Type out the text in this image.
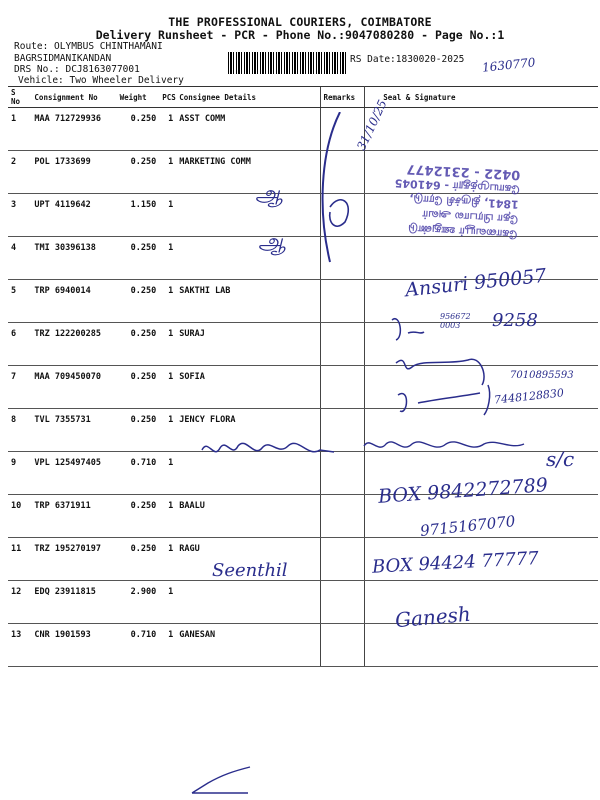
THE PROFESSIONAL COURIERS, COIMBATORE
Delivery Runsheet - PCR - Phone No.:9047080280 - Page No.:1
Route: OLYMBUS CHINTHAMANI
BAGRSIDMANIKANDAN
DRS No.: DCJ8163077001
Vehicle: Two Wheeler Delivery
RS Date:1830020-2025 1630770
S No	Consignment No	Weight	PCS	Consignee Details	Remarks	Seal & Signature
1	MAA 712729936	0.250	1	ASST COMM		
2	POL 1733699	0.250	1	MARKETING COMM		
3	UPT 4119642	1.150	1			
4	TMI 30396138	0.250	1			
5	TRP 6940014	0.250	1	SAKTHI LAB		
6	TRZ 122200285	0.250	1	SURAJ		
7	MAA 709450070	0.250	1	SOFIA		
8	TVL 7355731	0.250	1	JENCY FLORA		
9	VPL 125497405	0.710	1			
10	TRP 6371911	0.250	1	BAALU		
11	TRZ 195270197	0.250	1	RAGU		
12	EDQ 23911815	2.900	1			
13	CNR 1901593	0.710	1	GANESAN		
கோவையூர் ஊதுண்டு
தோ பிரபால அவர்
1841, திருச்சி ரோடு,
கோயமுத்தூர் - 641045
0422 - 2312477
31/10/25
ஆ
ஆ
Ansuri 950057
956672 0003	9258
7010895593
7448128830
s/c
BOX 9842272789
9715167070
Seenthil	BOX 94424 77777
Ganesh
